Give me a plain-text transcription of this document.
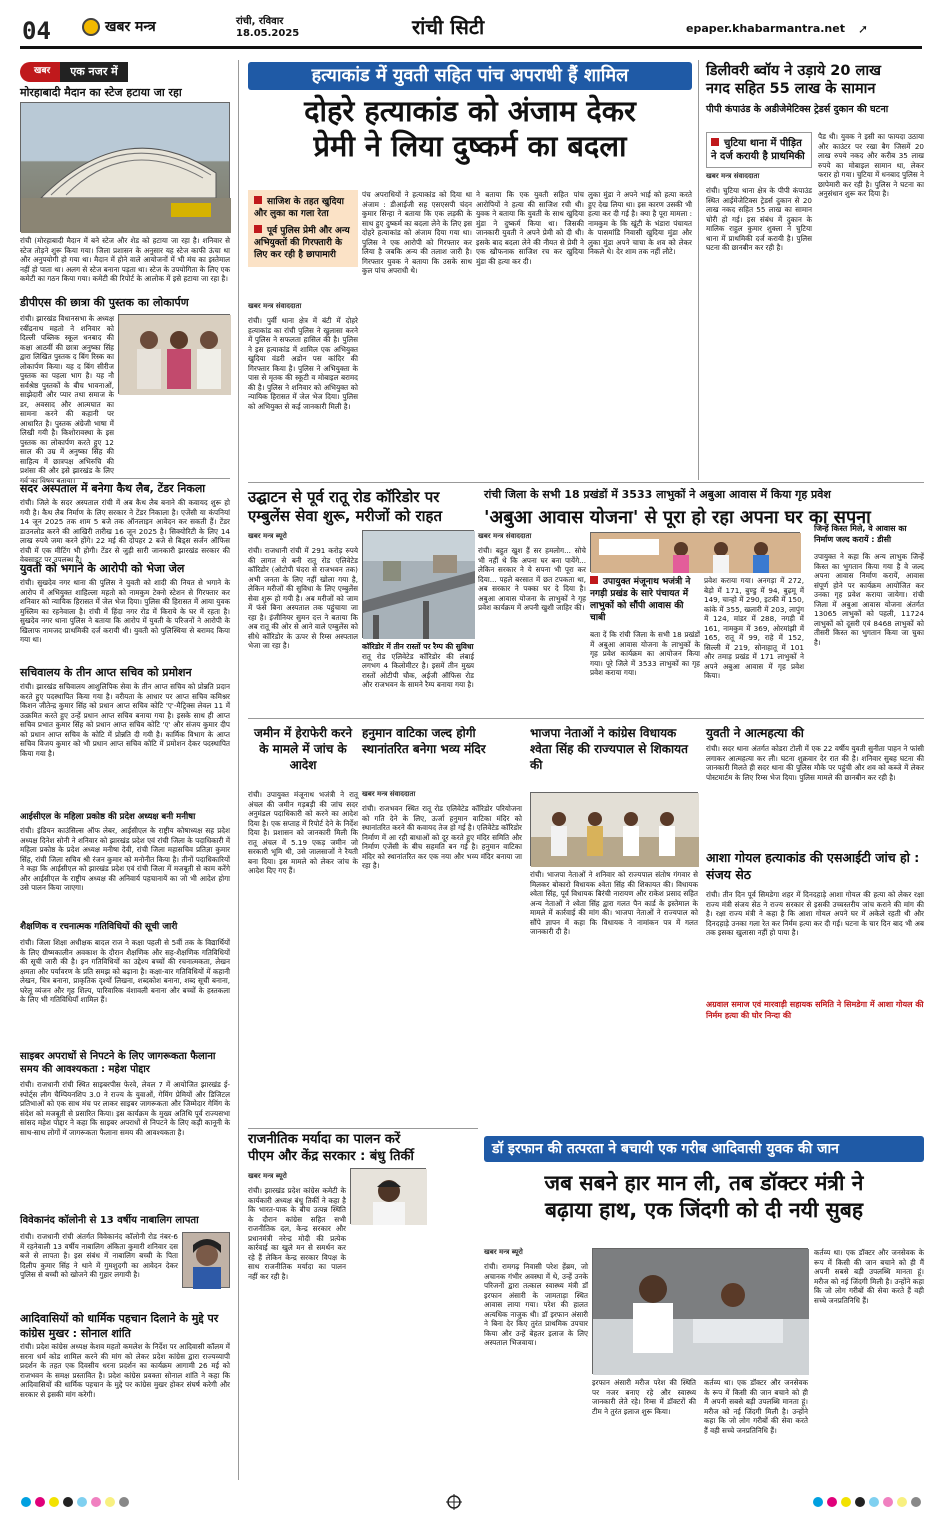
04	खबर मन्त्र	रांची, रविवार
18.05.2025	रांची सिटी	epaper.khabarmantra.net ➚
खबर	एक नजर में
मोरहाबादी मैदान का स्टेज हटाया जा रहा
रांची (मोरहाबादी मैदान में बने स्टेज और शेड को हटाया जा रहा है। शनिवार से स्टेज तोड़ने शुरू किया गया। जिला प्रशासन के अनुसार यह स्टेज काफी ऊंचा था और अनुपयोगी हो गया था। मैदान में होने वाले आयोजनों में भी मंच का इस्तेमाल नहीं हो पाता था। अलग से स्टेज बनाना पड़ता था। स्टेज के उपयोगिता के लिए एक कमेटी का गठन किया गया। कमेटी की रिपोर्ट के आलोक में इसे हटाया जा रहा है।
डीपीएस की छात्रा की पुस्तक का लोकार्पण
रांची। झारखंड विधानसभा के अध्यक्ष रबींद्रनाथ महतो ने शनिवार को दिल्ली पब्लिक स्कूल धनबाद की कक्षा आठवीं की छात्रा अनुष्का सिंह द्वारा लिखित पुस्तक द बिंग रिस्क का लोकार्पण किया। यह द बिंग सीरीज पुस्तक का पहला भाग है। यह नौ सर्वश्रेष्ठ पुस्तकों के बीच भावनाओं, साझेदारी और प्यार तथा समाज के डर, अवसाद और आत्मघात का सामना करने की कहानी पर आधारित है। पुस्तक अंग्रेजी भाषा में लिखी गयी है। किशोरावस्था के इस पुस्तक का लोकार्पण करते हुए 12 साल की उम्र में अनुष्का सिंह की साहित्य में छात्रपक्ष अभिरुचि की प्रशंसा की और इसे झारखंड के लिए गर्व का विषय बताया।
सदर अस्पताल में बनेगा कैथ लैब, टेंडर निकला
रांची। जिले के सदर अस्पताल रांची में अब कैथ लैब बनाने की कवायद शुरू हो गयी है। कैथ लैब निर्माण के लिए सरकार ने टेंडर निकाला है। एजेंसी या कंपनियां 14 जून 2025 तक शाम 5 बजे तक ऑनलाइन आवेदन कर सकती हैं। टेंडर डाउनलोड करने की आखिरी तारीख 16 जून 2025 है। सिक्योरिटी के लिए 14 लाख रुपये जमा करने होंगे। 22 मई की दोपहर 2 बजे से बिड्स सर्जन ऑफिस रांची में एक मीटिंग भी होगी। टेंडर से जुड़ी सारी जानकारी झारखंड सरकार की वेबसाइट पर उपलब्ध है।
युवती को भगाने के आरोपी को भेजा जेल
रांची। सुखदेव नगर थाना की पुलिस ने युवती को शादी की नियत से भगाने के आरोप में अभियुक्त शाहिल्ला महतो को नामकुम टेक्नो स्टेशन से गिरफ्तार कर शनिवार को न्यायिक हिरासत में जेल भेज दिया। पुलिस की हिरासत में आया युवक मुस्लिम का रहनेवाला है। रांची में हिंदा नगर रोड में किराये के घर में रहता है। सुखदेव नगर थाना पुलिस ने बताया कि आरोप में युवती के परिजनों ने आरोपी के खिलाफ नामजद प्राथमिकी दर्ज करायी थी। युवती को पुलिस्थिया से बरामद किया गया था।
सचिवालय के तीन आप्त सचिव को प्रमोशन
रांची। झारखंड सचिवालय आशुलिपिक सेवा के तीन आप्त सचिव को प्रोन्नति प्रदान करते हुए पदस्थापित किया गया है। वरीयता के आधार पर आप्त सचिव कमिश्नर किशन जीतेन्द्र कुमार सिंह को प्रधान आप्त सचिव कोटि 'ए'-मैट्रिक्स लेवल 11 में उत्क्रमित करते हुए उन्हें प्रधान आप्त सचिव बनाया गया है। इसके साथ ही आप्त सचिव प्रभात कुमार सिंह को प्रधान आप्त सचिव कोटि 'ए' और संजय कुमार दीप को प्रधान आप्त सचिव के कोटि में प्रोन्नति दी गयी है। कार्मिक विभाग के आप्त सचिव विजय कुमार को भी प्रधान आप्त सचिव कोटि में प्रमोशन देकर पदस्थापित किया गया है।
आईसीएल के महिला प्रकोष्ठ की प्रदेश अध्यक्ष बनी मनीषा
रांची। इंडियन काउंसिल्स ऑफ लेबर, आईसीएल के राष्ट्रीय कोषाध्यक्ष सह प्रदेश अध्यक्ष दिनेश सोनी ने शनिवार को झारखंड प्रदेश एवं रांची जिला के पदाधिकारी में महिला प्रकोष्ठ के प्रदेश अध्यक्ष मनीषा देवी, रांची जिला महासचिव प्रतिज्ञा कुमार सिंह, रांची जिला सचिव श्री रंजन कुमार को मनोनीत किया है। तीनों पदाधिकारियों ने कहा कि आईसीएल को झारखंड प्रदेश एवं रांची जिला में मजबूती से काम करेंगे और आईसीएल के राष्ट्रीय अध्यक्ष की अनिवार्य पहचानायें का जो भी आदेश होगा उसे पालन किया जाएगा।
शैक्षणिक व रचनात्मक गतिविधियों की सूची जारी
रांची। जिला शिक्षा अधीक्षक बादल राज ने कक्षा पहली से 5वीं तक के विद्यार्थियों के लिए ग्रीष्मकालीन अवकाश के दौरान शैक्षणिक और सह-शैक्षणिक गतिविधियों की सूची जारी की है। इन गतिविधियों का उद्देश्य बच्चों की रचनात्मकता, लेखन क्षमता और पर्यावरण के प्रति समझ को बढ़ाना है। कक्षा-वार गतिविधियों में कहानी लेखन, चित्र बनाना, प्राकृतिक दृश्यों लिखना, शब्दकोश बनाना, शब्द सूची बनाना, घरेलू व्यंजन और गृह शिल्प, पारिवारिक वंशावली बनाना और बच्चों के हस्तकला के लिए भी गतिविधियाँ शामिल हैं।
साइबर अपराधों से निपटने के लिए जागरूकता फैलाना समय की आवश्यकता : महेश पोद्दार
रांची। राजधानी रांची स्थित साइबरपीस फेरवे, लेवल 7 में आयोजित झारखंड ई-स्पोर्ट्स लीग चैम्पियनशिप 3.0 ने राज्य के युवाओं, गेमिंग प्रेमियों और डिजिटल प्रतिभाओं को एक साथ मंच पर लाकर साइबर जागरूकता और जिम्मेदार गेमिंग के संदेश को मजबूती से प्रसारित किया। इस कार्यक्रम के मुख्य अतिथि पूर्व राज्यसभा सांसद महेश पोद्दार ने कहा कि साइबर अपराधों से निपटने के लिए कड़ी कानूनी के साथ-साथ लोगों में जागरूकता फैलाना समय की आवश्यकता है।
विवेकानंद कॉलोनी से 13 वर्षीय नाबालिग लापता
रांची। राजधानी रांची अंतर्गत विवेकानंद कॉलोनी रोड नंबर-6 में रहनेवाली 13 वर्षीय नाबालिग अंकिता कुमारी शनिवार दस बजे से लापता है। इस संबंध में नाबालिग बच्ची के पिता दिलीप कुमार सिंह ने थाने में गुमशुदगी का आवेदन देकर पुलिस से बच्ची को खोजने की गुहार लगायी है।
आदिवासियों को धार्मिक पहचान दिलाने के मुद्दे पर कांग्रेस मुखर : सोनाल शांति
रांची। प्रदेश कांग्रेस अध्यक्ष केशव महतो कमलेश के निर्देश पर आदिवासी कॉलम में सरना धर्म कोड शामिल करने की मांग को लेकर प्रदेश कांग्रेस द्वारा राज्यव्यापी प्रदर्शन के तहत एक दिवसीय धरना प्रदर्शन का कार्यक्रम आगामी 26 मई को राजभवन के समक्ष प्रस्तावित है। प्रदेश कांग्रेस प्रवक्ता सोनाल शांति ने कहा कि आदिवासियों की धार्मिक पहचान के मुद्दे पर कांग्रेस मुखर होकर संघर्ष करेगी और सरकार से इसकी मांग करेगी।
हत्याकांड में युवती सहित पांच अपराधी हैं शामिल
दोहरे हत्याकांड को अंजाम देकर
प्रेमी ने लिया दुष्कर्म का बदला
साजिश के तहत खुदिया और लुका का गला रेता
पूर्व पुलिस प्रेमी और अन्य अभियुक्तों की गिरफ्तारी के लिए कर रही है छापामारी
खबर मन्त्र संवाददाता
रांची। पुर्वी थाना क्षेत्र में बंटी में दोहरे हत्याकांड का रांची पुलिस ने खुलासा करने में पुलिस ने सफलता हासिल की है। पुलिस ने इस हत्याकांड में शामिल एक अभियुक्त खुदिया वंडरी अडोन पस कांदिर की गिरफ्तार किया है। पुलिस ने अभियुक्ता के पास से मृतक की स्कूटी व मोबाइल बरामद की है। पुलिस ने शनिवार को अभियुक्त को न्यायिक हिरासत में जेल भेज दिया। पुलिस को अभियुक्त से कई जानकारी मिली है।
पंच अपराधियों ने हत्याकांड को दिया था अंजाम : डीआईजी सह एसएसपी चंदन कुमार सिन्हा ने बताया कि एक लड़की के साथ हुए दुष्कर्म का बदला लेने के लिए इस दोहरे हत्याकांड को अंजाम दिया गया था। पुलिस ने एक आरोपी को गिरफ्तार कर लिया है जबकि अन्य की तलाश जारी है। गिरफ्तार युवक ने बताया कि उसके साथ कुल पांच अपराधी थे।
ने बताया कि एक युवती सहित पांच आरोपियों ने हत्या की साजिश रची थी। युवक ने बताया कि युवती के साथ खुदिया मुंडा ने दुष्कर्म किया था। जिसकी जानकारी युवती ने अपने प्रेमी को दी थी। इसके बाद बदला लेने की नीयत से प्रेमी ने एक खौफनाक साजिश रच कर खुदिया मुंडा की हत्या कर दी।
लुका मुंडा ने अपने भाई को हत्या करते हुए देख लिया था। इस कारण उसकी भी हत्या कर दी गई है। क्या है पूरा मामला : नामकुम के कि खूंटी के भंडारा पंचायत के पासमांडि निवासी खुदिया मुंडा और लुका मुंडा अपने चाचा के शव को लेकर निकले थे। देर शाम तक नहीं लौटे।
डिलीवरी ब्वॉय ने उड़ाये 20 लाख
नगद सहित 55 लाख के सामान
पीपी कंपाउंड के अडीजेमेटिक्स ट्रेडर्स दुकान की घटना
चुटिया थाना में पीड़ित ने दर्ज करायी है प्राथमिकी
खबर मन्त्र संवाददाता
रांची। चुटिया थाना क्षेत्र के पीपी कंपाउंड स्थित आईमेजेटिक्स ट्रेडर्स दुकान से 20 लाख नकद सहित 55 लाख का सामान चोरी हो गई। इस संबंध में दुकान के मालिक राहुल कुमार शुक्ला ने चुटिया थाना में प्राथमिकी दर्ज करायी है। पुलिस घटना की छानबीन कर रही है।
पैड थी। युवक ने इसी का फायदा उठाया और काउंटर पर रखा बैग जिसमें 20 लाख रुपये नकद और करीब 35 लाख रुपये का मोबाइल सामान था, लेकर फरार हो गया। चुटिया में धनबाद पुलिस ने छापेमारी कर रही है। पुलिस ने घटना का अनुसंधान शुरू कर दिया है।
उद्घाटन से पूर्व रातू रोड कॉरिडोर पर
एम्बुलेंस सेवा शुरू, मरीजों को राहत
खबर मन्त्र ब्यूरो
रांची। राजधानी रांची में 291 करोड़ रुपये की लागत से बनी रातू रोड एलिवेटेड कॉरिडोर (ओटोपी चंदरा से राजभवन तक) अभी जनता के लिए नहीं खोला गया है, लेकिन मरीजों की सुविधा के लिए एम्बुलेंस सेवा शुरू हो गयी है। अब मरीजों को जाम में फंसे बिना अस्पताल तक पहुंचाया जा रहा है। इंजीनियर सुमन दत्त ने बताया कि अब रातू की ओर से आने वाले एम्बुलेंस को सीधे कॉरिडोर के ऊपर से रिम्स अस्पताल भेजा जा रहा है।	कॉरिडोर में तीन रास्तों पर रैम्प की सुविधा
रातू रोड एलिवेटेड कॉरिडोर की लंबाई लगभग 4 किलोमीटर है। इसमें तीन मुख्य रास्तों ओटीपी चौक, अईजी ऑफिस रोड और राजभवन के सामने रैम्प बनाया गया है।
रांची जिला के सभी 18 प्रखंडों में 3533 लाभुकों ने अबुआ आवास में किया गृह प्रवेश
'अबुआ आवास योजना' से पूरा हो रहा अपना घर का सपना
खबर मन्त्र संवाददाता
रांची। बहुत खुश हैं सर हमलोग... सोचे भी नहीं थे कि अपना घर बना पायेंगे... लेकिन सरकार ने ये सपना भी पूरा कर दिया... पहले बरसात में छत टपकता था, अब सरकार ने पक्का घर दे दिया है। अबुआ आवास योजना के लाभुकों ने गृह प्रवेश कार्यक्रम में अपनी खुशी जाहिर की।
उपायुक्त मंजूनाथ भजंत्री ने नगड़ी प्रखंड के सारे पंचायत में लाभुकों को सौंपी आवास की चाबी
बता दें कि रांची जिला के सभी 18 प्रखंडों में अबुआ आवास योजना के लाभुकों के गृह प्रवेश कार्यक्रम का आयोजन किया गया। पूरे जिले में 3533 लाभुकों का गृह प्रवेश कराया गया।
प्रवेश कराया गया। अनगड़ा में 272, बेड़ो में 171, बुण्डु में 94, बुढ़मू में 149, चान्हो में 290, इटकी में 150, कांके में 355, खलारी में 203, लापुंग में 124, मांडर में 288, नगड़ी में 161, नामकुम में 369, ओरमांझी में 165, रातू में 99, राहे में 152, सिल्ली में 219, सोनाहातू में 101 और तमाड़ प्रखंड में 171 लाभुकों ने अपने अबुआ आवास में गृह प्रवेश किया।
जिन्हें किस्त मिले, वे आवास का निर्माण जल्द करायें : डीसी
उपायुक्त ने कहा कि अन्य लाभुक जिन्हें किस्त का भुगतान किया गया है वे जल्द अपना आवास निर्माण करायें, आवास संपूर्ण होने पर कार्यक्रम आयोजित कर उनका गृह प्रवेश कराया जायेगा। रांची जिला में अबुआ आवास योजना अंतर्गत 13065 लाभुकों को पहली, 11724 लाभुकों को दूसरी एवं 8468 लाभुकों को तीसरी किस्त का भुगतान किया जा चुका है।
जमीन में हेराफेरी करने के मामले में जांच के आदेश
रांची। उपायुक्त मंजूनाथ भजंत्री ने रातू अंचल की जमीन गड़बड़ी की जांच सदर अनुमंडल पदाधिकारी को करने का आदेश दिया है। एक सप्ताह में रिपोर्ट देने के निर्देश दिया है। प्रशासन को जानकारी मिली कि रातू अंचल में 5.19 एकड़ जमीन जो सरकारी भूमि थी, उसे जालसाजों ने रैयती बना दिया। इस मामले को लेकर जांच के आदेश दिए गए हैं।
हनुमान वाटिका जल्द होगी स्थानांतरित बनेगा भव्य मंदिर
खबर मन्त्र संवाददाता
रांची। राजभवन स्थित रातू रोड एलिवेटेड कॉरिडोर परियोजना को गति देने के लिए, ऊर्जा हनुमान वाटिका मंदिर को स्थानांतरित करने की कवायद तेज हो गई है। एलिवेटेड कॉरिडोर निर्माण में आ रही बाधाओं को दूर करते हुए मंदिर समिति और निर्माण एजेंसी के बीच सहमति बन गई है। हनुमान वाटिका मंदिर को स्थानांतरित कर एक नया और भव्य मंदिर बनाया जा रहा है।
भाजपा नेताओं ने कांग्रेस विधायक श्वेता सिंह की राज्यपाल से शिकायत की
रांची। भाजपा नेताओं ने शनिवार को राज्यपाल संतोष गंगवार से मिलकर बोकारो विधायक श्वेता सिंह की शिकायत की। विधायक श्वेता सिंह, पूर्व विधायक बिरंची नारायण और राकेश प्रसाद सहित अन्य नेताओं ने श्वेता सिंह द्वारा गलत पैन कार्ड के इस्तेमाल के मामले में कार्रवाई की मांग की। भाजपा नेताओं ने राज्यपाल को सौंपे ज्ञापन में कहा कि विधायक ने नामांकन पत्र में गलत जानकारी दी है।
युवती ने आत्महत्या की
रांची। सदर थाना अंतर्गत कोडरा टोली में एक 22 वर्षीय युवती सुनीता पाहन ने फांसी लगाकर आत्महत्या कर ली। घटना शुक्रवार देर रात की है। शनिवार सुबह घटना की जानकारी मिलते ही सदर थाना की पुलिस मौके पर पहुंची और शव को कब्जे में लेकर पोस्टमार्टम के लिए रिम्स भेज दिया। पुलिस मामले की छानबीन कर रही है।
आशा गोयल हत्याकांड की एसआईटी जांच हो : संजय सेठ
रांची। तीन दिन पूर्व सिमडेगा शहर में दिनदहाड़े आशा गोयल की हत्या को लेकर रक्षा राज्य मंत्री संजय सेठ ने राज्य सरकार से इसकी उच्चस्तरीय जांच कराने की मांग की है। रक्षा राज्य मंत्री ने कहा है कि आशा गोयल अपने घर में अकेले रहती थी और दिनदहाड़े उनका गला रेत कर निर्मम हत्या कर दी गई। घटना के चार दिन बाद भी अब तक इसका खुलासा नहीं हो पाया है।
अग्रवाल समाज एवं मारवाड़ी सहायक समिति ने सिमडेगा में आशा गोयल की निर्मम हत्या की घोर निन्दा की
राजनीतिक मर्यादा का पालन करें
पीएम और केंद्र सरकार : बंधु तिर्की
खबर मन्त्र ब्यूरो
रांची। झारखंड प्रदेश कांग्रेस कमेटी के कार्यकारी अध्यक्ष बंधु तिर्की ने कहा है कि भारत-पाक के बीच उत्पन्न स्थिति के दौरान कांग्रेस सहित सभी राजनीतिक दल, केन्द्र सरकार और प्रधानमंत्री नरेन्द्र मोदी की प्रत्येक कार्रवाई का खुले मन से समर्थन कर रहे हैं लेकिन केन्द्र सरकार विपक्ष के साथ राजनीतिक मर्यादा का पालन नहीं कर रही है।
डॉ इरफान की तत्परता ने बचायी एक गरीब आदिवासी युवक की जान
जब सबने हार मान ली, तब डॉक्टर मंत्री ने
बढ़ाया हाथ, एक जिंदगी को दी नयी सुबह
खबर मन्त्र ब्यूरो
रांची। रामगढ़ निवासी परेश हेंब्रम, जो अचानक गंभीर अवस्था में थे, उन्हें उनके परिजनों द्वारा तत्काल स्वास्थ्य मंत्री डॉ इरफान अंसारी के जामताड़ा स्थित आवास लाया गया। परेश की हालत अत्यधिक नाजुक थी। डॉ इरफान अंसारी ने बिना देर किए तुरंत प्राथमिक उपचार किया और उन्हें बेहतर इलाज के लिए अस्पताल भिजवाया।
इरफान अंसारी मरीज परेश की स्थिति पर नजर बनाए रहे और स्वास्थ्य जानकारी लेते रहे। रिम्स में डॉक्टरों की टीम ने तुरंत इलाज शुरू किया।
कर्तव्य था। एक डॉक्टर और जनसेवक के रूप में किसी की जान बचाने को ही मैं अपनी सबसे बड़ी उपलब्धि मानता हूं। मरीज को नई जिंदगी मिली है। उन्होंने कहा कि जो लोग गरीबों की सेवा करते हैं वही सच्चे जनप्रतिनिधि हैं।
कर्तव्य था। एक डॉक्टर और जनसेवक के रूप में किसी की जान बचाने को ही मैं अपनी सबसे बड़ी उपलब्धि मानता हूं। मरीज को नई जिंदगी मिली है। उन्होंने कहा कि जो लोग गरीबों की सेवा करते हैं वही सच्चे जनप्रतिनिधि हैं।
